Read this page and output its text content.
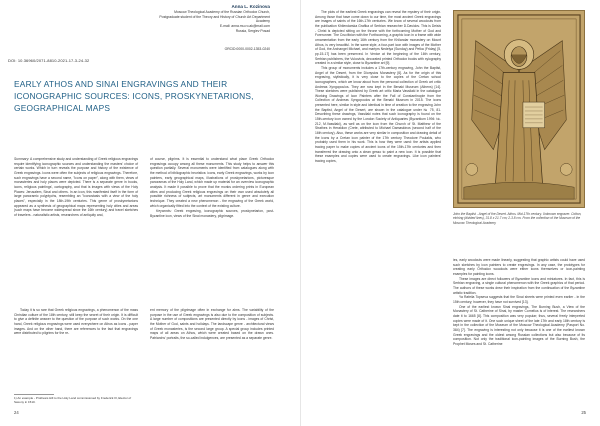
Anna L. Kozinova
Moscow Theological Academy of the Russian Orthodox Church,
Postgraduate student of the Theory and History of Church Art Department
Academy
E-mail: anna.mu.ro.ak@mail.com
Russia, Sergiev Posad
ORCID:0000-0002-1353-0240
DOI: 10.36960/2071-8810-2021-17-3-24-32
EARLY ATHOS AND SINAI ENGRAVINGS AND THEIR ICONOGRAPHIC SOURCES: ICONS, PROSKYNETARIONS, GEOGRAPHICAL MAPS

Summary: A comprehensive study and understanding of Greek religious engravings require identifying iconographic sources and understanding the masters' choice of certain works. Which in turn reveals the purpose and history of the existence of Greek engravings. Icons were often the subjects of religious engravings. Therefore, such engravings have a second name, "icons on paper", along with them, views of monasteries and holy places were depicted. There is a separate genre in books, icons, religious paintings', cartography, and that is images with views of the Holy Places: Jerusalem, Sinai and others. In an icon, this manifested itself in the form of large panoramic polyptychs, resembling an "iconostasis with a view of the holy places", especially in the 18th-19th centuries. This genre of proskynetarions appeared as a synthesis of geographical maps representing holy cities and areas (such maps have become widespread since the 16th century) and travel sketches of travelers - naturalistic artists, researchers of antiquity and,

of course, pilgrims. It is essential to understand what place Greek Orthodox engravings occupy among all these monuments. This study helps to answer this question partially. Several monuments were identified from catalogues along with the method of bibliographic heuristics: icons, early Greek engravings, works by icon painters, early geographical maps, illustrations of proskynetarions, picturesque panoramas of the Holy Land, which made up material for an overview iconographic analysis. It made it possible to prove that the monks ordering prints in European cities and producing Greek religious engravings on their own used absolutely all possible richness of subjects, art monuments different in genre and execution technique. They created a new phenomenon - the engraving of the Greek world, which organically fitted into the context of the existing culture.

Keywords: Greek engraving, iconographic sources, proskynetarion, post-Byzantine icon, views of the Sinai monastery, pilgrimage.

Today it is so rare that Greek religious engravings, a phenomenon of the mass Christian culture of the 18th century, still keep the secret of their origin. It is difficult to give a definite answer to the question of the purpose of such works. On the one hand, Greek religious engravings were used everywhere on Athos as icons - paper images. And on the other hand, there are references to the fact that engravings were distributed to pilgrims for the re-

ent memory of the pilgrimage often in exchange for alms. The variability of the purpose in the use of Greek engravings is also due to the composition of subjects. A large number of compositions are presented directly by icons - images of Christ, the Mother of God, saints and holidays. The landscape genre - architectural views of Greek monasteries, is the second large group. A special group includes printed maps of all areas on Athos, which were created based on the drawn ones. Patriarchs' portraits, the so-called indulgences, are presented as a separate genre.

1) An example - Prothesis Hill to the Holy Land commissioned by Frederick III, Elector of Saxony in 1510.
24

The plots of the earliest Greek engravings can reveal the mystery of their origin. Among those that have come down to our time, the most ancient Greek engravings are images of saints of the 16th-17th centuries. We know of several woodcuts from the publication Khilendarska Grafika of Serbian researcher D.Davidov. This is Deisis - Christ is depicted sitting on the throne with the forthcoming Mother of God and Forerunner. The Crucifixion with the Forthcoming, a graphic icon in a frame with wide ornamentation from the early 16th century from the Khilandar monastery on Mount Athos, is very beautiful. In the same style, a four-part icon with images of the Mother of God, the Archangel Michael, and martyrs Nedelya (Sunday) and Petka (Friday) [5, pp.15-17] has been preserved. In Venice at the beginning of the 16th century, Serbian publishers, the Vukovicis, decorated printed Orthodox books with xylography created in a similar style, close to Byzantine art [9].

This group of monuments includes a 17th-century engraving, John the Baptist, Angel of the Desert, from the Dionysios Monastery [6]. As for the origin of this engraving, stylistically, it is very close to the copies of the Cretan school iconographers, which we know about from the personal collection of Greek art critic Andreas Xyngopoulos. They are now kept in the Benaki Museum (Athens) [14]. These sketches were published by Greek art critic Maria Vassilaki in the catalogue Working Drawings of Icon Painters after the Fall of Constantinople from the Collection of Andreas Xyngopoulos at the Benaki Museum in 2015. The icons presented here, similar in style and identical in time of creation to the engraving John the Baptist, Angel of the Desert, are shown in the catalogue under № 75, 81. Describing these drawings, Vassilaki notes that such iconography is found on the 15th-century icon owned by the London Society of Antiquaries (Byzantium 1994: №. 212, M.Vassilaki), as well as on the icon from the Church of St. Matthew of the Strathes in Heraklion (Crete, attributed to Michael Damaskinos (second half of the 16th century). Also, these works are very similar in composition and drawing detail of the icons by a Cretan icon painter of the 17th century Theodore Poulakis, who probably used them in his work. This is how they were used: the artists applied tracing paper to make copies of ancient icons of the 15th-17th centuries and then transferred the drawing onto a clean gesso to paint a new icon. It is possible that these examples and copies were used to create engravings. Like icon painters' tracing copies,

John the Baptist - Angel of the Desert. Athos. Mid-17th century. Unknown engraver. Cotton, etching (divided lines), 31.8 x 21.7 cm; 2-3.8 cm. From the collection of the Museum of the Moscow Theological Academy

ies, early woodcuts were made linearly, suggesting that graphic artists could have used such sketches by icon painters to create engravings. In any case, the prototypes for creating early Orthodox woodcuts were either icons themselves or icon-painting examples for painting icons.

These images are direct followers of Byzantine icons and miniatures. In fact, this is Serbian engraving, a single cultural phenomenon with the Greek graphics of that period. The authors of these works drew their inspiration from the continuation of the Byzantine artistic tradition.

Ya Rafeila Topseva suggests that the Sinai sheets were printed even earlier - in the 15th century; however, they have not survived [13].

One of the earliest known Sinai engravings, The Burning Bush, a View of the Monastery of St. Catherine of Sinai, by master Cornelius is of interest. The researchers date it to 1665 [8]. This composition was very popular; thus, several freely interpreted copies were made of it. One such unique sheet of the late 17th and early 18th century is kept in the collection of the Museum of the Moscow Theological Academy (Pasport No. 384) [7]. The engraving is interesting not only because it is one of the earliest known Greek engravings and the oldest among Russian collections but also because of its composition. Not only the traditional icon-painting images of the Burning Bush, the Prophet Moses and St. Catherine

25
